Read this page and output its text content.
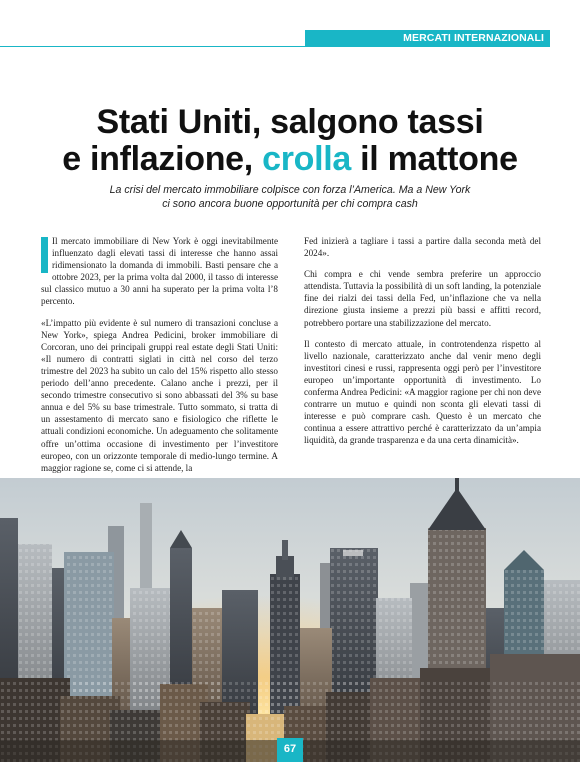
MERCATI INTERNAZIONALI
Stati Uniti, salgono tassi
e inflazione, crolla il mattone
La crisi del mercato immobiliare colpisce con forza l’America. Ma a New York
ci sono ancora buone opportunità per chi compra cash

Il mercato immobiliare di New York è oggi inevitabilmente influenzato dagli elevati tassi di interesse che hanno assai ridimensionato la domanda di immobili. Basti pensare che a ottobre 2023, per la prima volta dal 2000, il tasso di interesse sul classico mutuo a 30 anni ha superato per la prima volta l’8 percento.

«L’impatto più evidente è sul numero di transazioni concluse a New York», spiega Andrea Pedicini, broker immobiliare di Corcoran, uno dei principali gruppi real estate degli Stati Uniti: «Il numero di contratti siglati in città nel corso del terzo trimestre del 2023 ha subito un calo del 15% rispetto allo stesso periodo dell’anno precedente. Calano anche i prezzi, per il secondo trimestre consecutivo si sono abbassati del 3% su base annua e del 5% su base trimestrale. Tutto sommato, si tratta di un assestamento di mercato sano e fisiologico che riflette le attuali condizioni economiche. Un adeguamento che solitamente offre un’ottima occasione di investimento per l’investitore europeo, con un orizzonte temporale di medio-lungo termine. A maggior ragione se, come ci si attende, la

Fed inizierà a tagliare i tassi a partire dalla seconda metà del 2024».

Chi compra e chi vende sembra preferire un approccio attendista. Tuttavia la possibilità di un soft landing, la potenziale fine dei rialzi dei tassi della Fed, un’inflazione che va nella direzione giusta insieme a prezzi più bassi e affitti record, potrebbero portare una stabilizzazione del mercato.

Il contesto di mercato attuale, in controtendenza rispetto al livello nazionale, caratterizzato anche dal venir meno degli investitori cinesi e russi, rappresenta oggi però per l’investitore europeo un’importante opportunità di investimento. Lo conferma Andrea Pedicini: «A maggior ragione per chi non deve contrarre un mutuo e quindi non sconta gli elevati tassi di interesse e può comprare cash. Questo è un mercato che continua a essere attrattivo perché è caratterizzato da un’ampia liquidità, da grande trasparenza e da una certa dinamicità».

67
